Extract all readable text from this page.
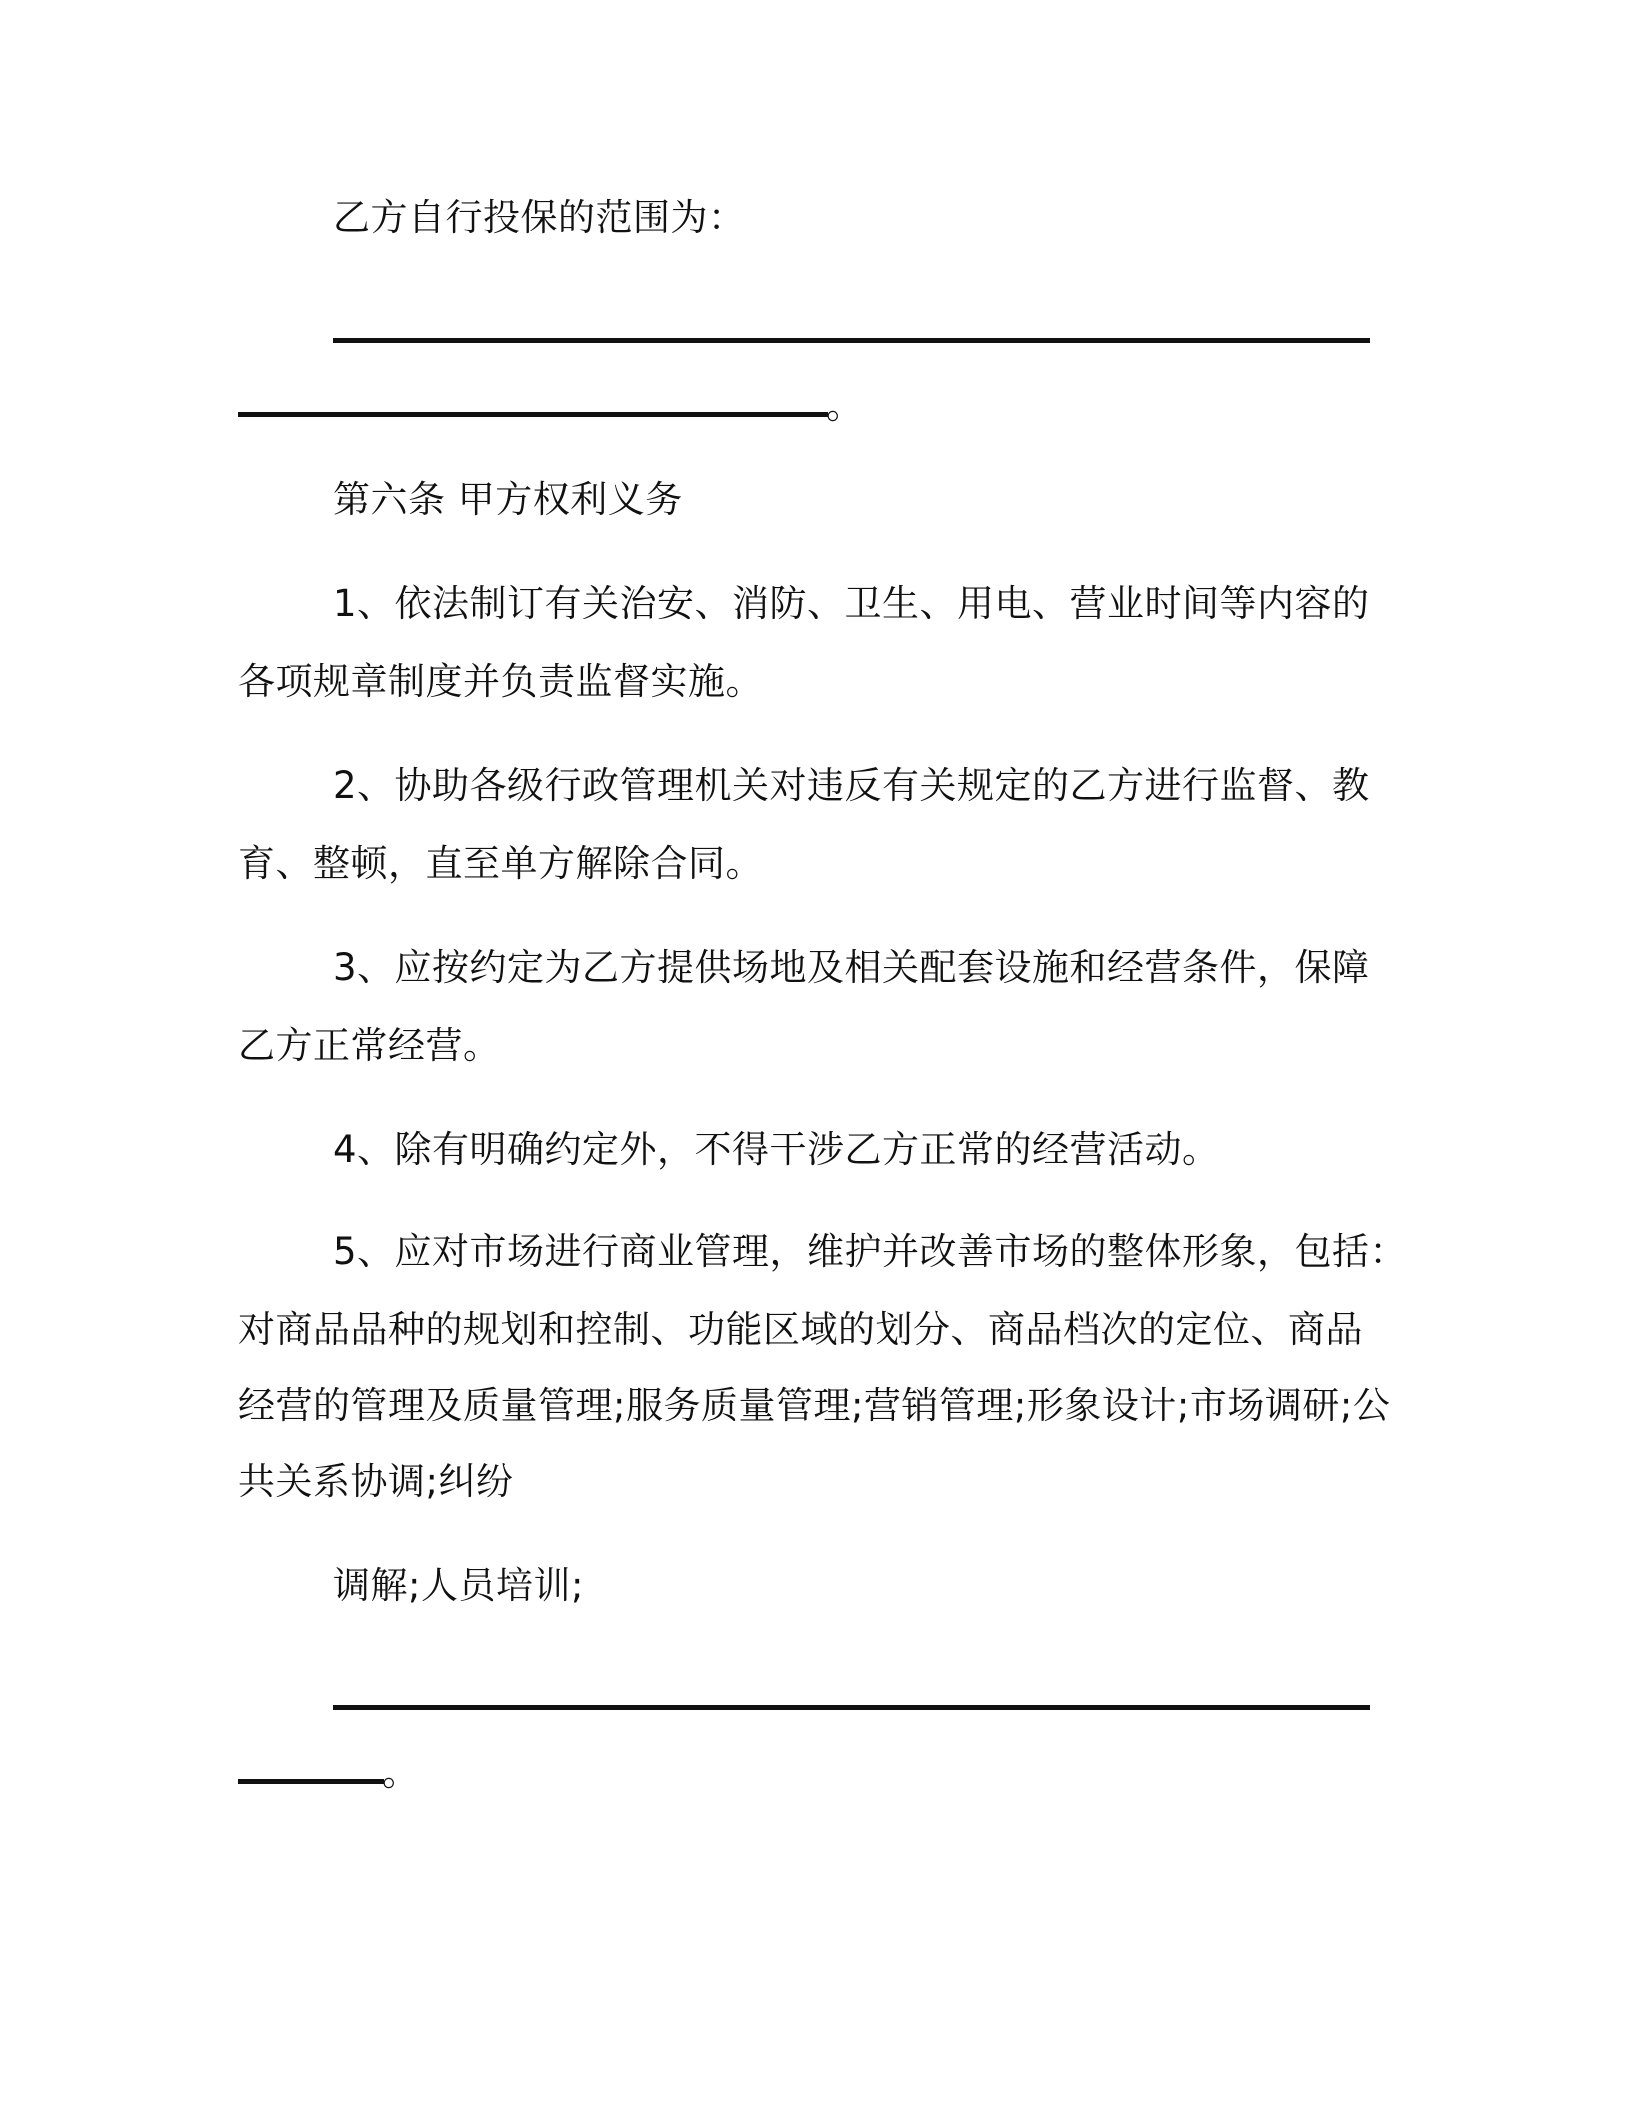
乙方自行投保的范围为：
。
第六条 甲方权利义务
1、依法制订有关治安、消防、卫生、用电、营业时间等内容的
各项规章制度并负责监督实施。
2、协助各级行政管理机关对违反有关规定的乙方进行监督、教
育、整顿，直至单方解除合同。
3、应按约定为乙方提供场地及相关配套设施和经营条件，保障
乙方正常经营。
4、除有明确约定外，不得干涉乙方正常的经营活动。
5、应对市场进行商业管理，维护并改善市场的整体形象，包括：
对商品品种的规划和控制、功能区域的划分、商品档次的定位、商品
经营的管理及质量管理;服务质量管理;营销管理;形象设计;市场调研;公
共关系协调;纠纷
调解;人员培训;
。
